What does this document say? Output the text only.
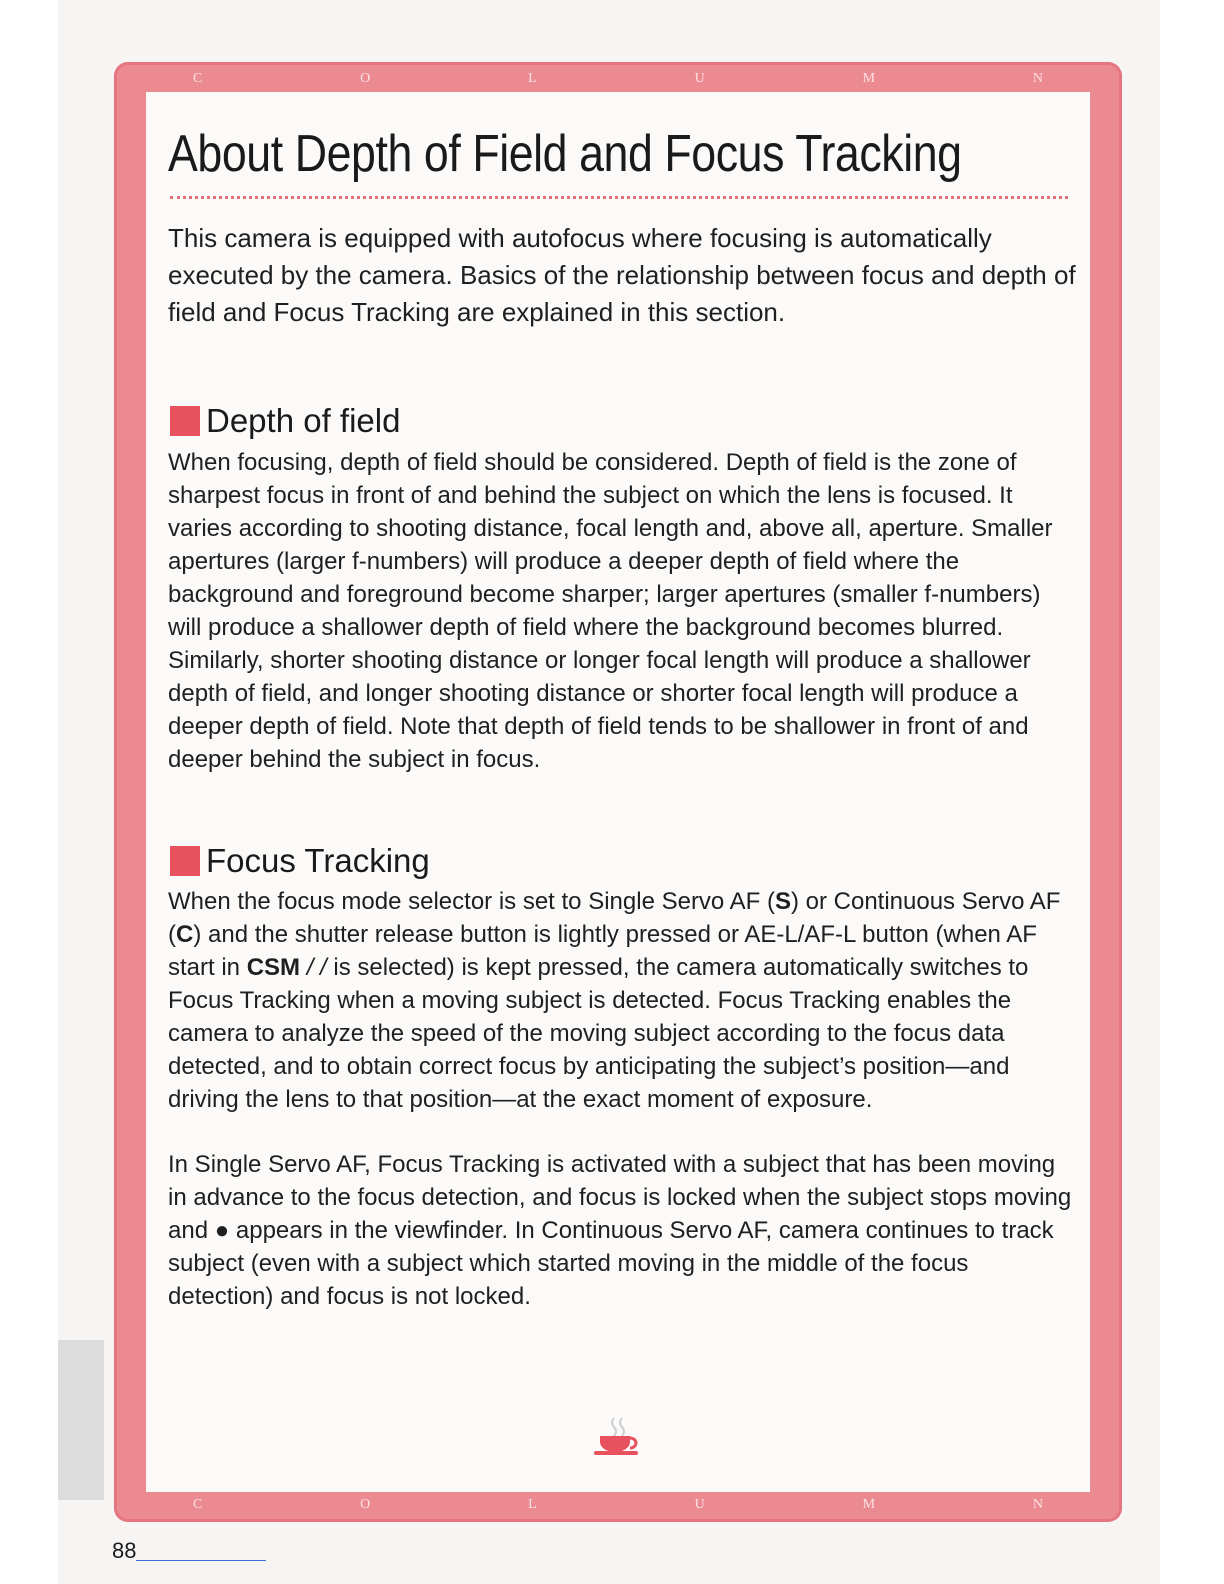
C	O	L	U	M	N
C	O	L	U	M	N
About Depth of Field and Focus Tracking

This camera is equipped with autofocus where focusing is automatically executed by the camera. Basics of the relationship between focus and depth of field and Focus Tracking are explained in this section.

Depth of field

When focusing, depth of field should be considered. Depth of field is the zone of sharpest focus in front of and behind the subject on which the lens is focused. It varies according to shooting distance, focal length and, above all, aperture. Smaller apertures (larger f-numbers) will produce a deeper depth of field where the background and foreground become sharper; larger apertures (smaller f-numbers) will produce a shallower depth of field where the background becomes blurred. Similarly, shorter shooting distance or longer focal length will produce a shallower depth of field, and longer shooting distance or shorter focal length will produce a deeper depth of field. Note that depth of field tends to be shallower in front of and deeper behind the subject in focus.

Focus Tracking

When the focus mode selector is set to Single Servo AF (S) or Continuous Servo AF (C) and the shutter release button is lightly pressed or AE-L/AF-L button (when AF start in CSM / / is selected) is kept pressed, the camera automatically switches to Focus Tracking when a moving subject is detected. Focus Tracking enables the camera to analyze the speed of the moving subject according to the focus data detected, and to obtain correct focus by anticipating the subject’s position—and driving the lens to that position—at the exact moment of exposure.

In Single Servo AF, Focus Tracking is activated with a subject that has been moving in advance to the focus detection, and focus is locked when the subject stops moving and ● appears in the viewfinder. In Continuous Servo AF, camera continues to track subject (even with a subject which started moving in the middle of the focus detection) and focus is not locked.

88
